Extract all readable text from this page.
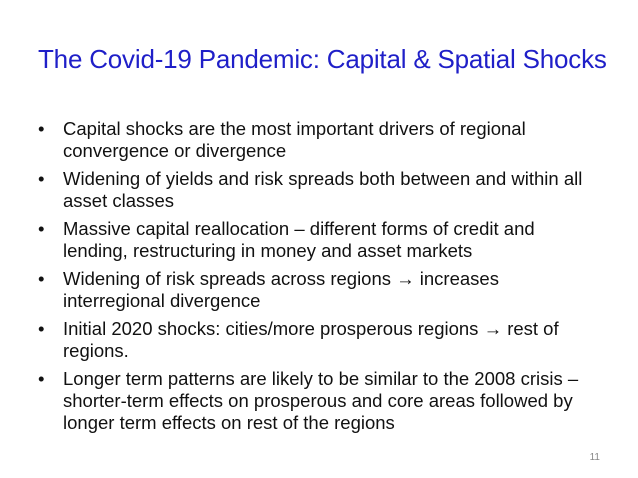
The Covid-19 Pandemic: Capital & Spatial Shocks
• Capital shocks are the most important drivers of regional convergence or divergence
• Widening of yields and risk spreads both between and within all asset classes
• Massive capital reallocation – different forms of credit and lending, restructuring in money and asset markets
• Widening of risk spreads across regions → increases interregional divergence
• Initial 2020 shocks: cities/more prosperous regions → rest of regions.
• Longer term patterns are likely to be similar to the 2008 crisis – shorter-term effects on prosperous and core areas followed by longer term effects on rest of the regions
11
